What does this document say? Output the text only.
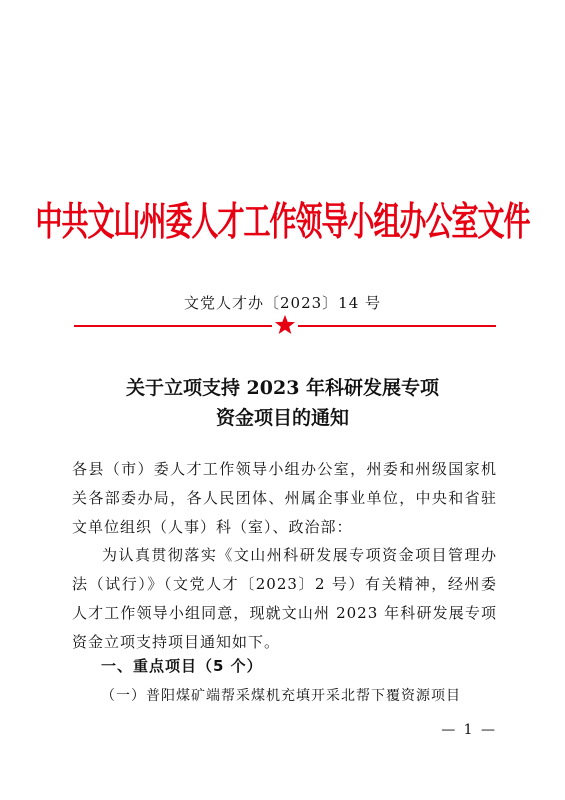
中共文山州委人才工作领导小组办公室文件
文党人才办〔2023〕14 号
关于立项支持 2023 年科研发展专项
资金项目的通知
各县（市）委人才工作领导小组办公室，州委和州级国家机关各部委办局，各人民团体、州属企事业单位，中央和省驻文单位组织（人事）科（室）、政治部：
为认真贯彻落实《文山州科研发展专项资金项目管理办法（试行）》（文党人才〔2023〕2 号）有关精神，经州委人才工作领导小组同意，现就文山州 2023 年科研发展专项资金立项支持项目通知如下。
一、重点项目（5 个）
（一）普阳煤矿端帮采煤机充填开采北帮下覆资源项目
— 1 —
